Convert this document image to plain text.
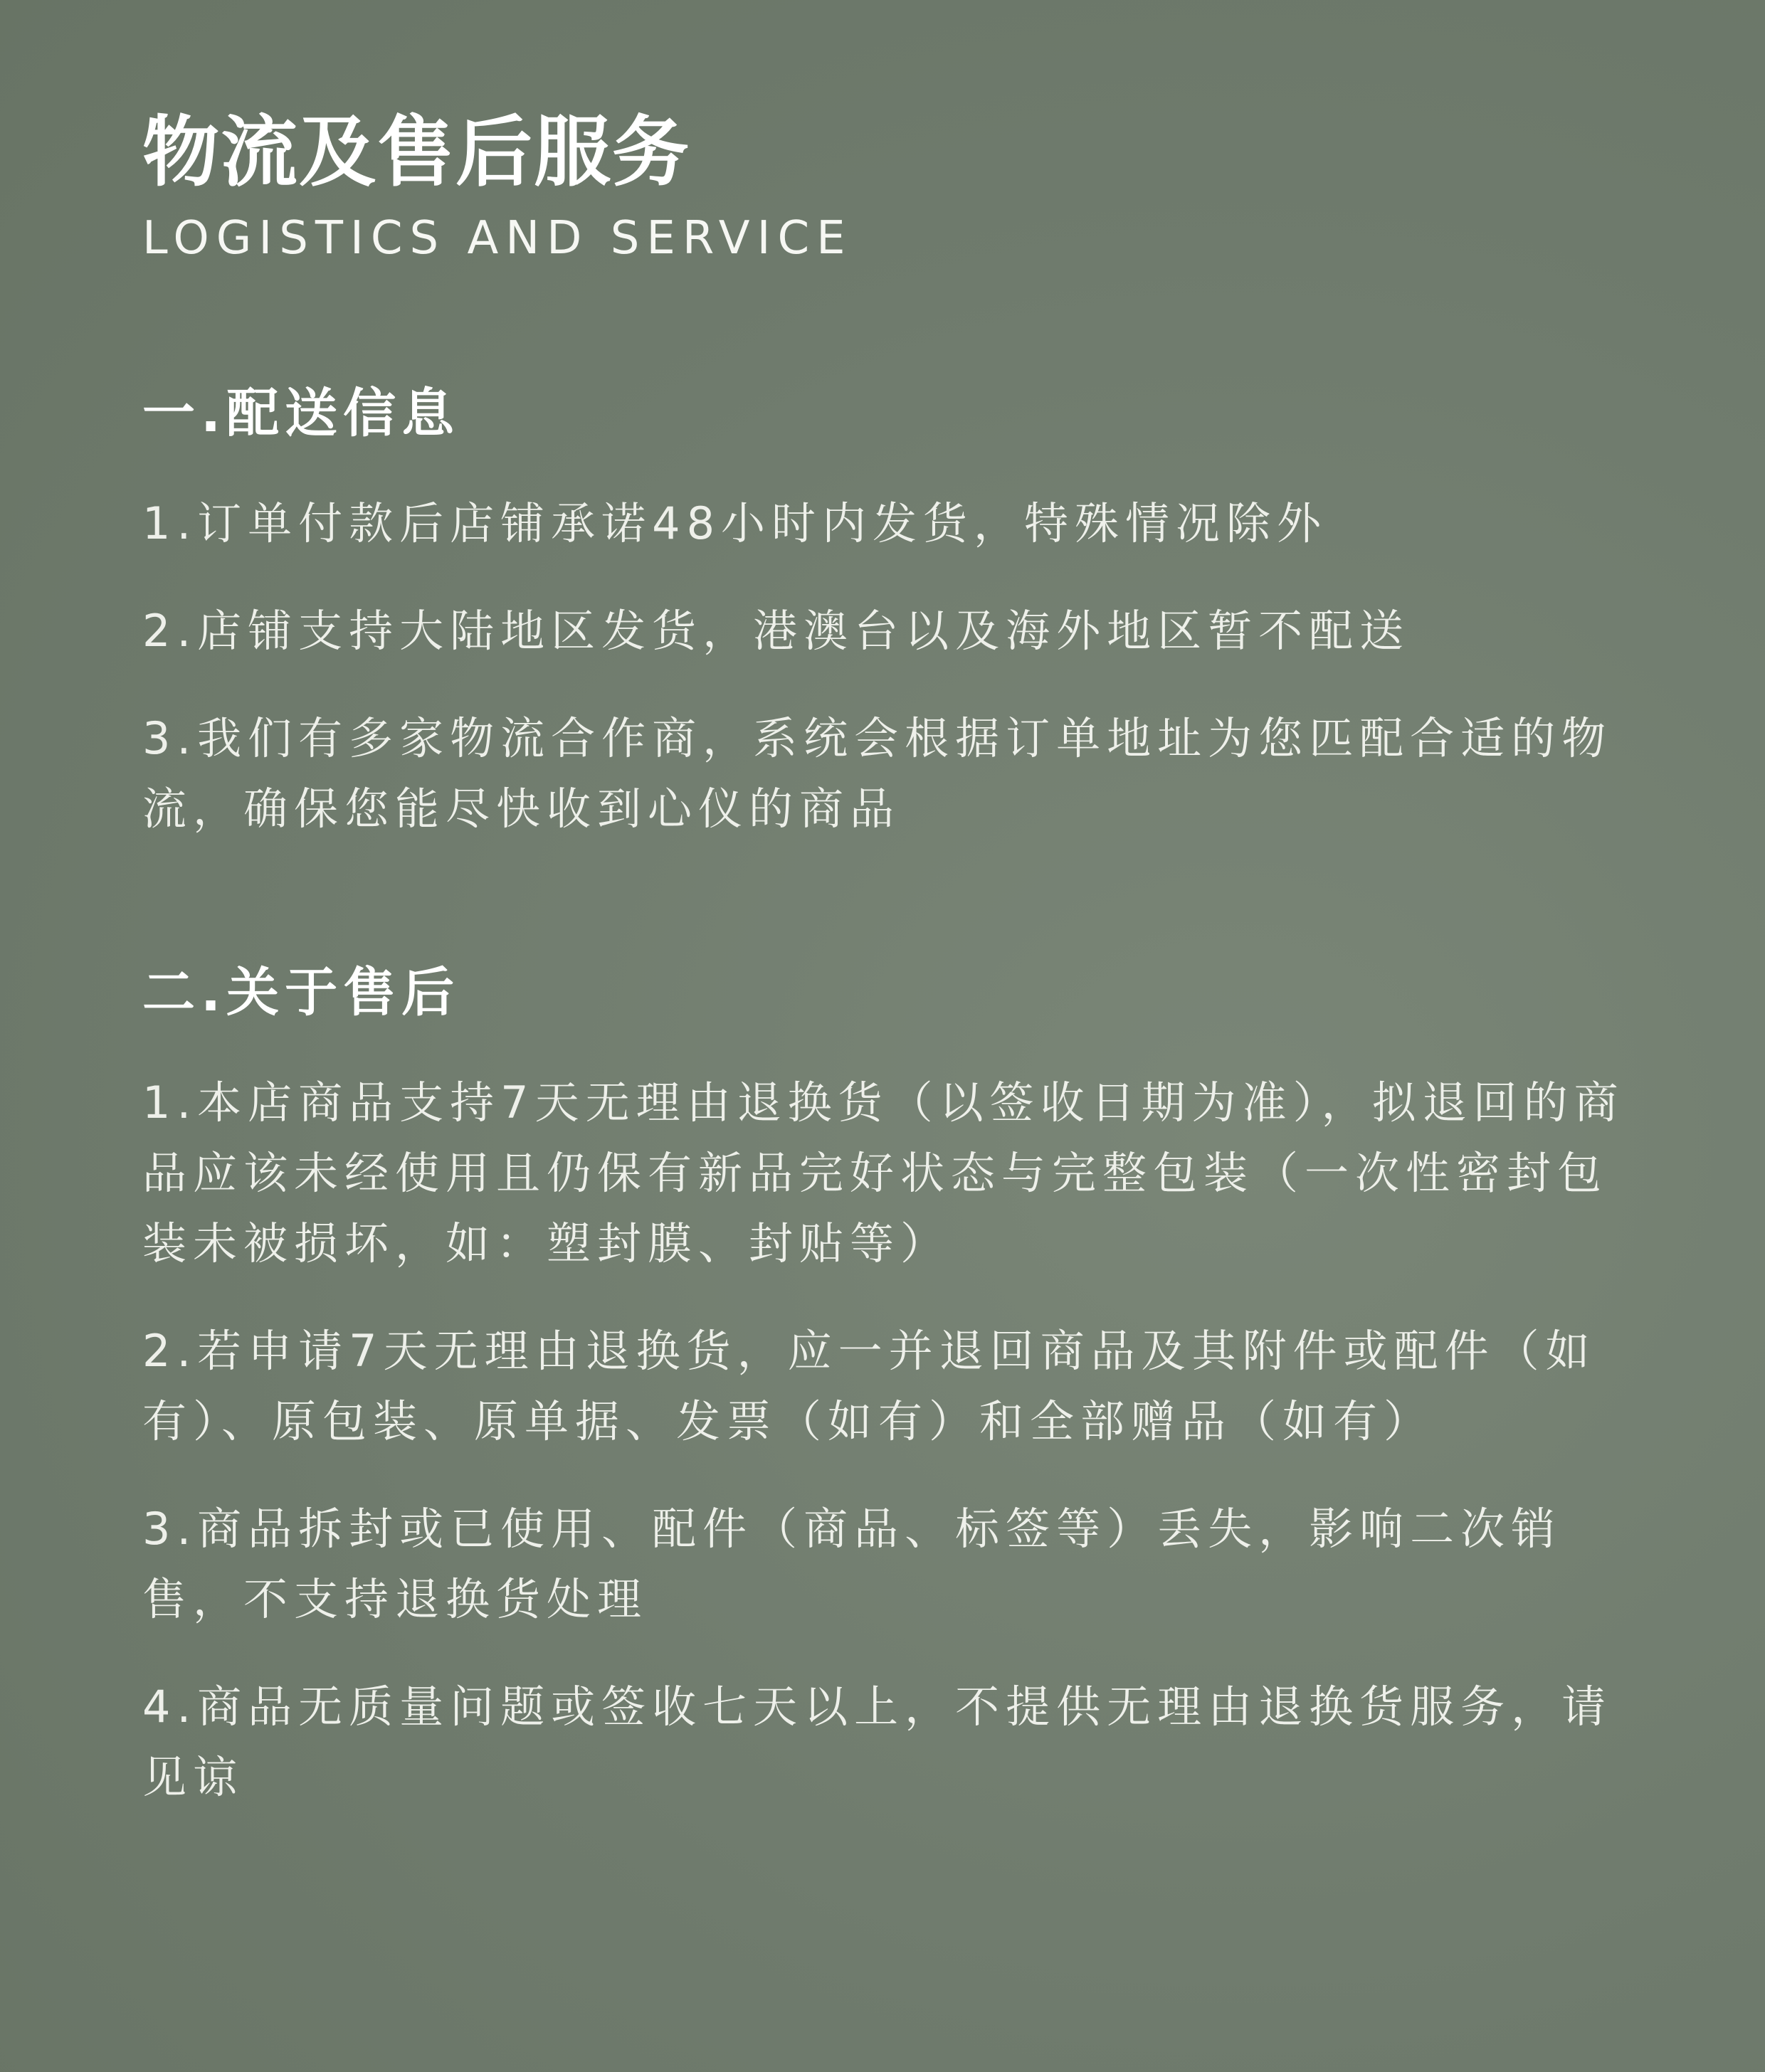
物流及售后服务
LOGISTICS AND SERVICE
一.配送信息

1.订单付款后店铺承诺48小时内发货，特殊情况除外

2.店铺支持大陆地区发货，港澳台以及海外地区暂不配送

3.我们有多家物流合作商，系统会根据订单地址为您匹配合适的物流，确保您能尽快收到心仪的商品

二.关于售后

1.本店商品支持7天无理由退换货（以签收日期为准），拟退回的商品应该未经使用且仍保有新品完好状态与完整包装（一次性密封包装未被损坏，如：塑封膜、封贴等）

2.若申请7天无理由退换货，应一并退回商品及其附件或配件（如有）、原包装、原单据、发票（如有）和全部赠品（如有）

3.商品拆封或已使用、配件（商品、标签等）丢失，影响二次销售，不支持退换货处理

4.商品无质量问题或签收七天以上，不提供无理由退换货服务，请见谅
